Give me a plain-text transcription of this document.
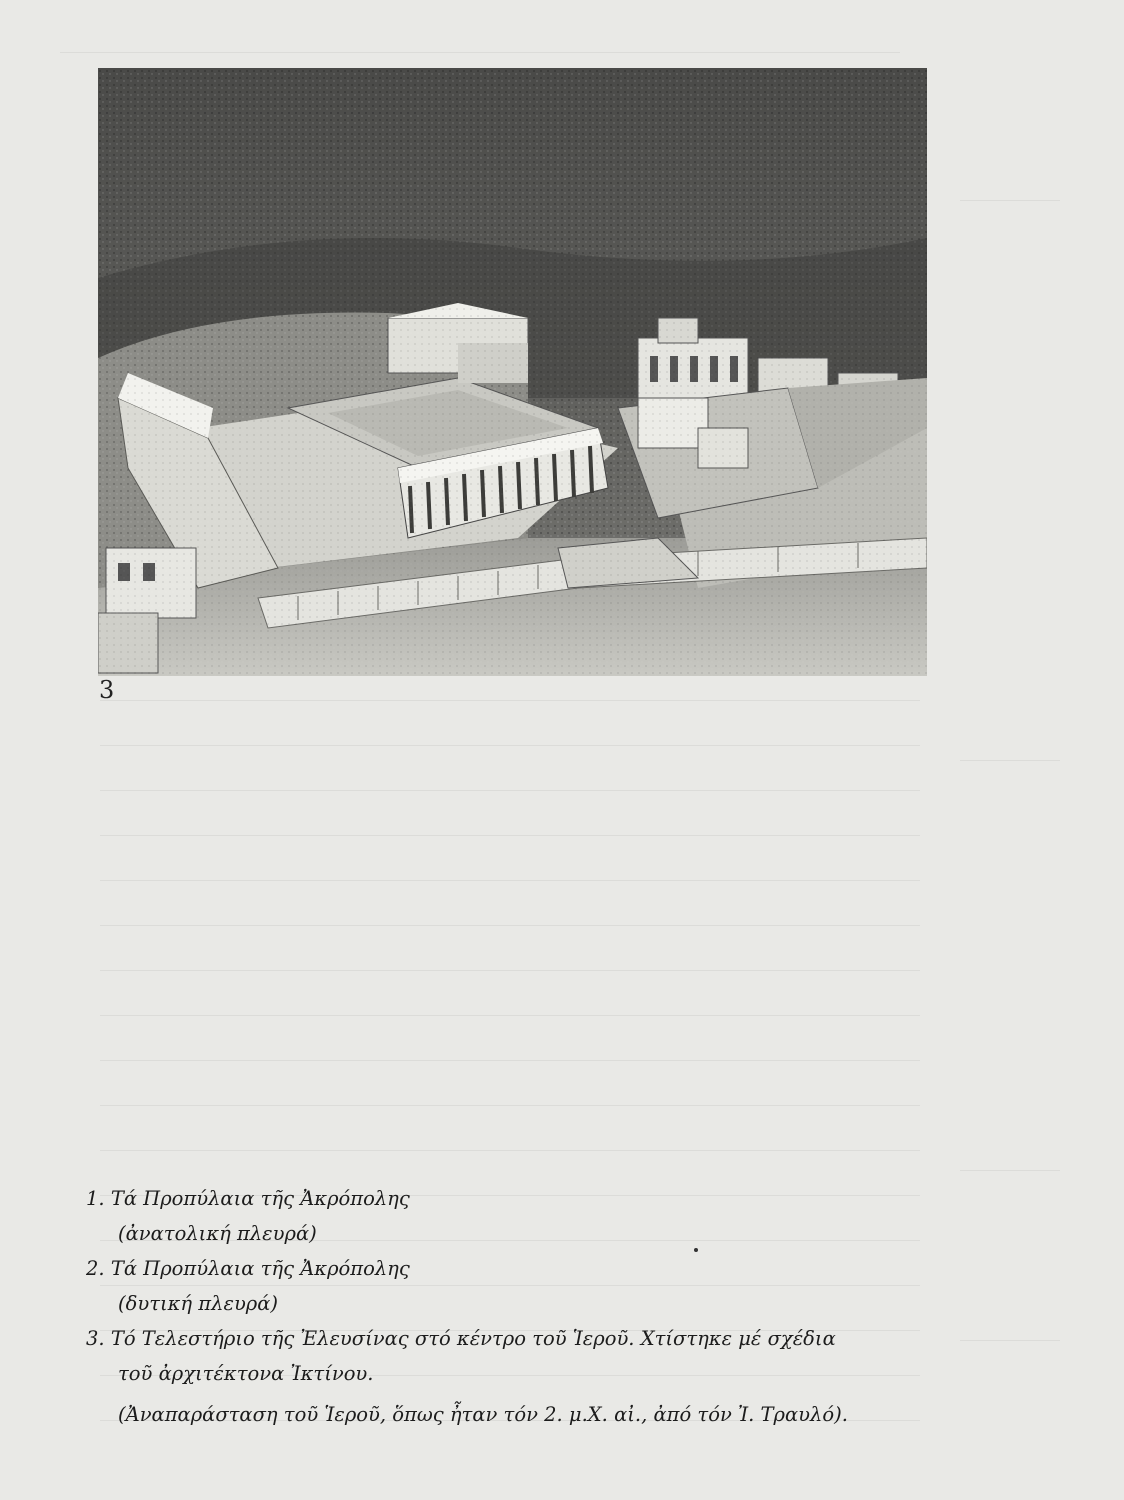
3
1. Τά Προπύλαια τῆς Ἀκρόπολης
(ἀνατολική πλευρά)
2. Τά Προπύλαια τῆς Ἀκρόπολης
(δυτική πλευρά)
3. Τό Τελεστήριο τῆς Ἐλευσίνας στό κέντρο τοῦ Ἱεροῦ. Χτίστηκε μέ σχέδια
τοῦ ἀρχιτέκτονα Ἰκτίνου.
(Ἀναπαράσταση τοῦ Ἱεροῦ, ὅπως ἦταν τόν 2. μ.Χ. αἰ., ἀπό τόν Ἰ. Τραυλό).
